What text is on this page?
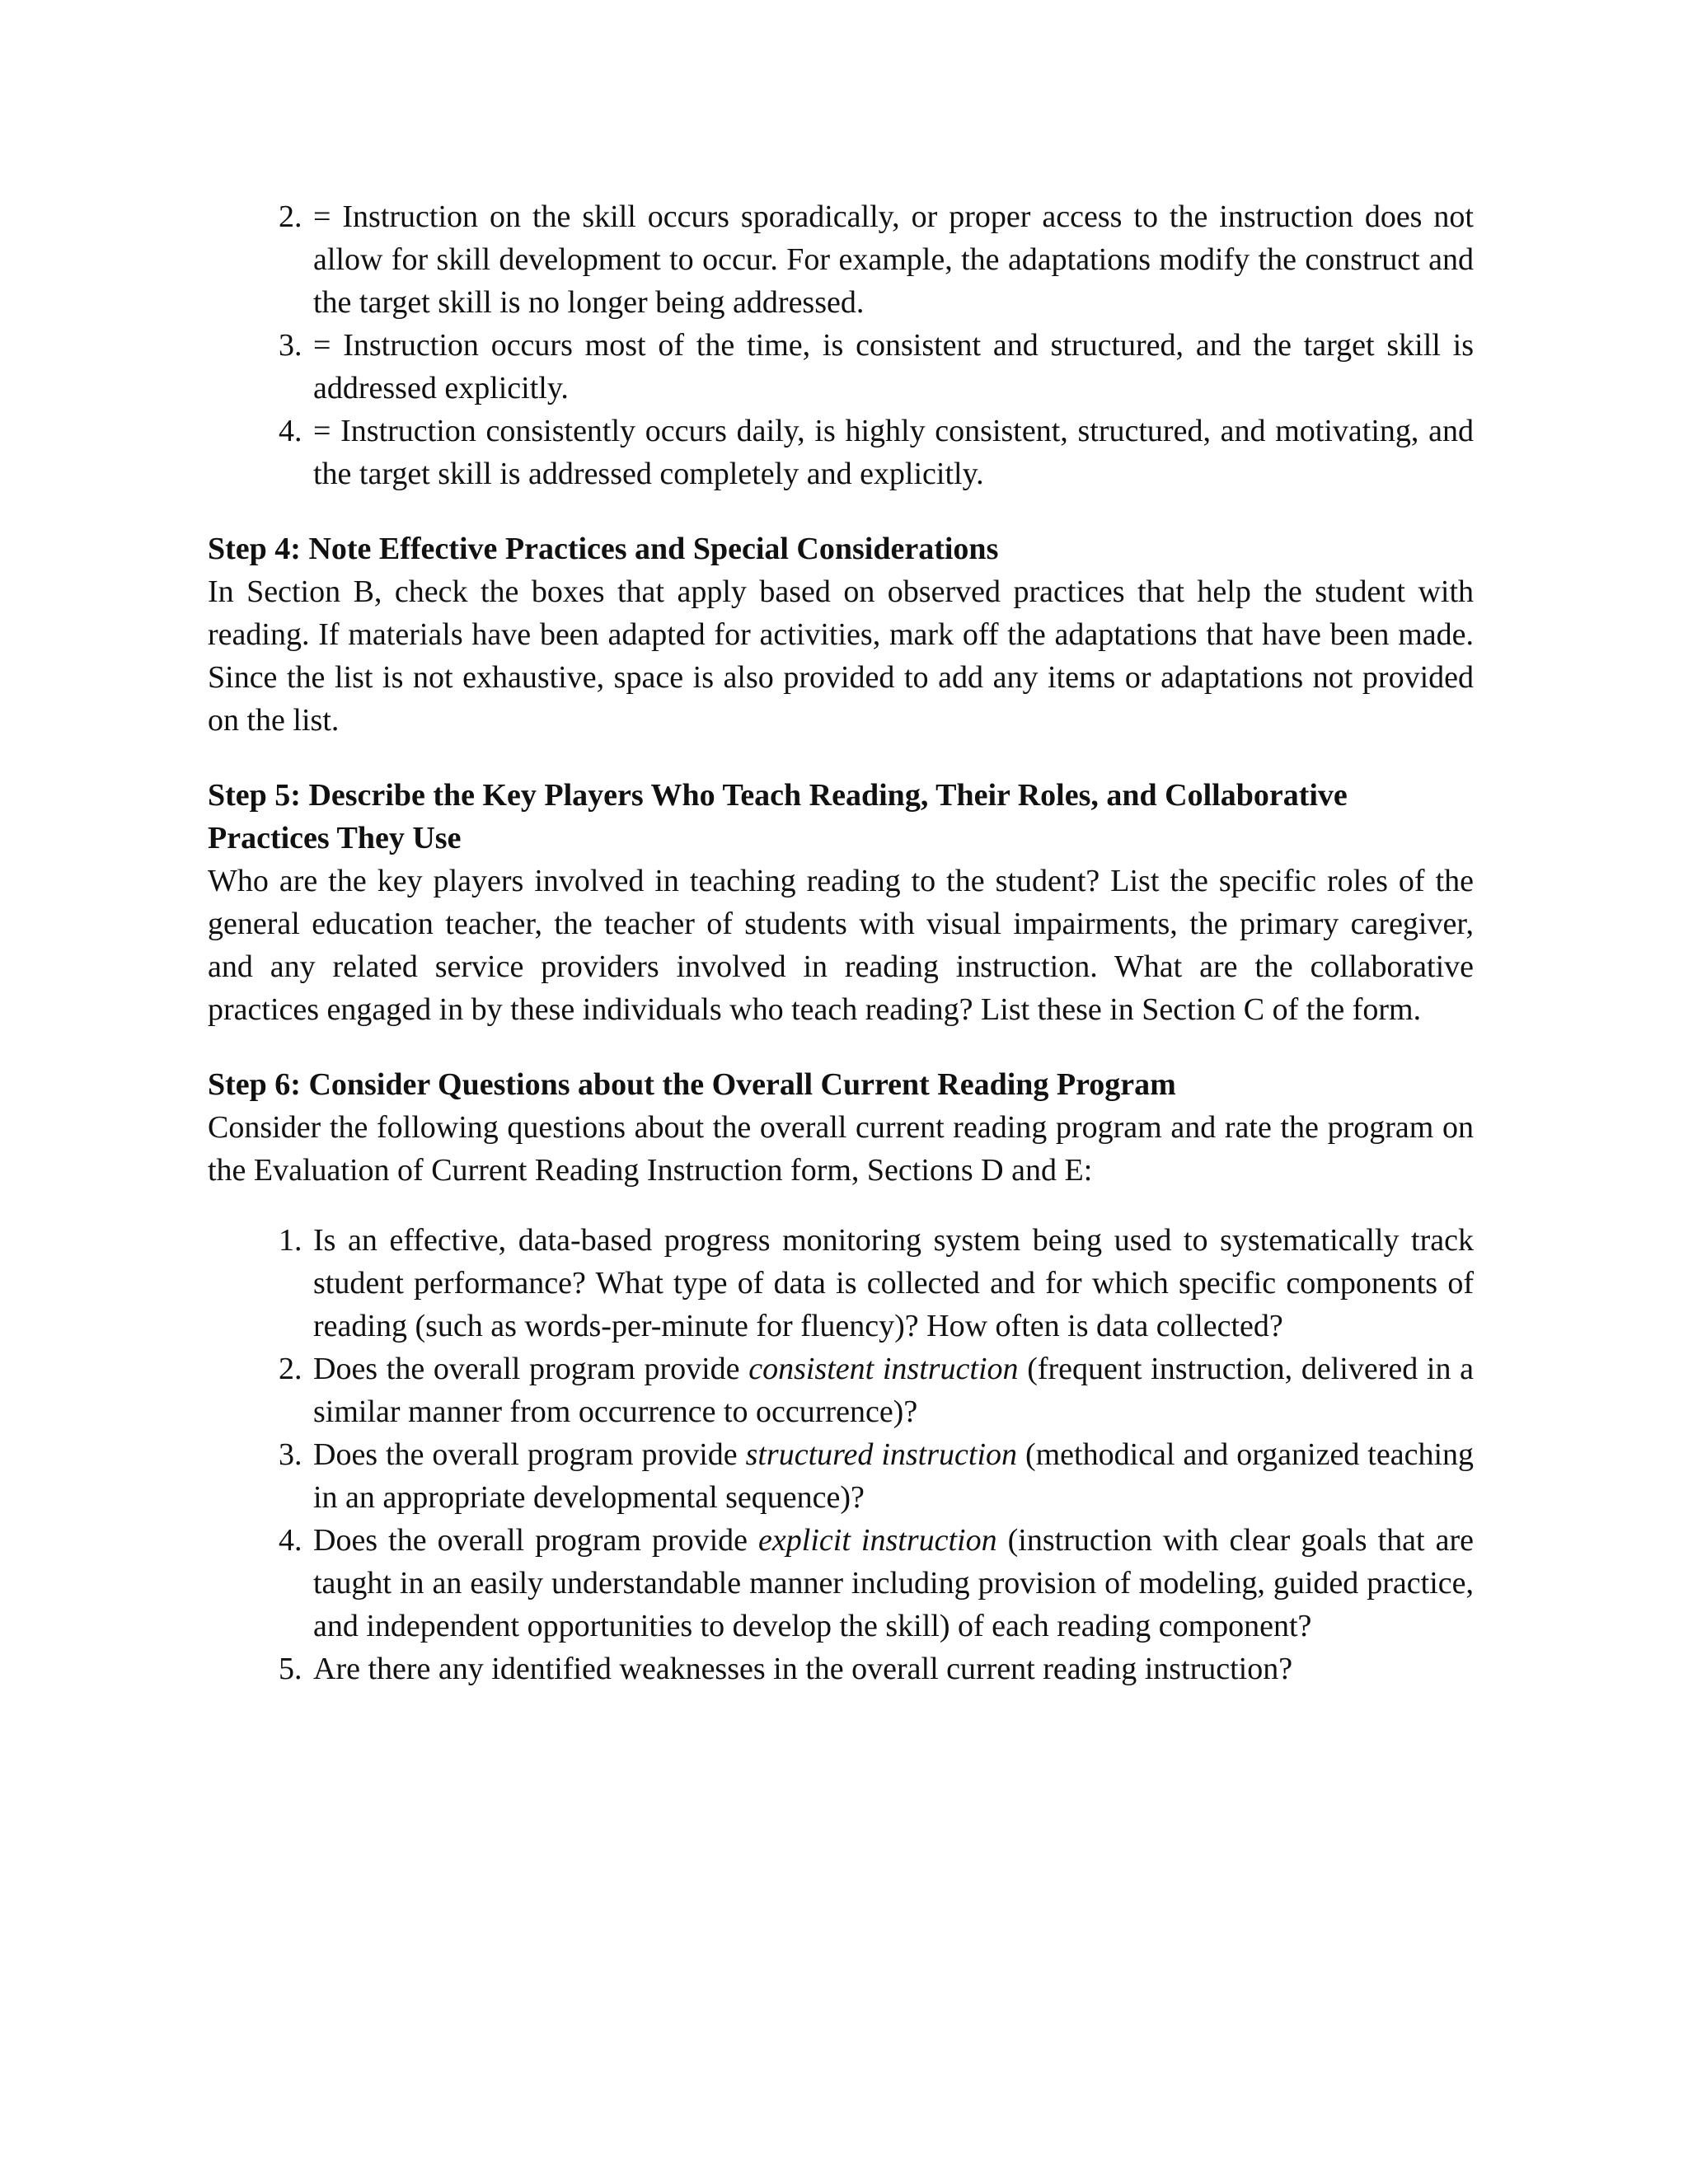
2. = Instruction on the skill occurs sporadically, or proper access to the instruction does not allow for skill development to occur. For example, the adaptations modify the construct and the target skill is no longer being addressed.
3. = Instruction occurs most of the time, is consistent and structured, and the target skill is addressed explicitly.
4. = Instruction consistently occurs daily, is highly consistent, structured, and motivating, and the target skill is addressed completely and explicitly.
Step 4: Note Effective Practices and Special Considerations

In Section B, check the boxes that apply based on observed practices that help the student with reading. If materials have been adapted for activities, mark off the adaptations that have been made. Since the list is not exhaustive, space is also provided to add any items or adaptations not provided on the list.

Step 5: Describe the Key Players Who Teach Reading, Their Roles, and Collaborative Practices They Use

Who are the key players involved in teaching reading to the student? List the specific roles of the general education teacher, the teacher of students with visual impairments, the primary caregiver, and any related service providers involved in reading instruction. What are the collaborative practices engaged in by these individuals who teach reading? List these in Section C of the form.

Step 6: Consider Questions about the Overall Current Reading Program

Consider the following questions about the overall current reading program and rate the program on the Evaluation of Current Reading Instruction form, Sections D and E:

1. Is an effective, data-based progress monitoring system being used to systematically track student performance? What type of data is collected and for which specific components of reading (such as words-per-minute for fluency)? How often is data collected?
2. Does the overall program provide consistent instruction (frequent instruction, delivered in a similar manner from occurrence to occurrence)?
3. Does the overall program provide structured instruction (methodical and organized teaching in an appropriate developmental sequence)?
4. Does the overall program provide explicit instruction (instruction with clear goals that are taught in an easily understandable manner including provision of modeling, guided practice, and independent opportunities to develop the skill) of each reading component?
5. Are there any identified weaknesses in the overall current reading instruction?
